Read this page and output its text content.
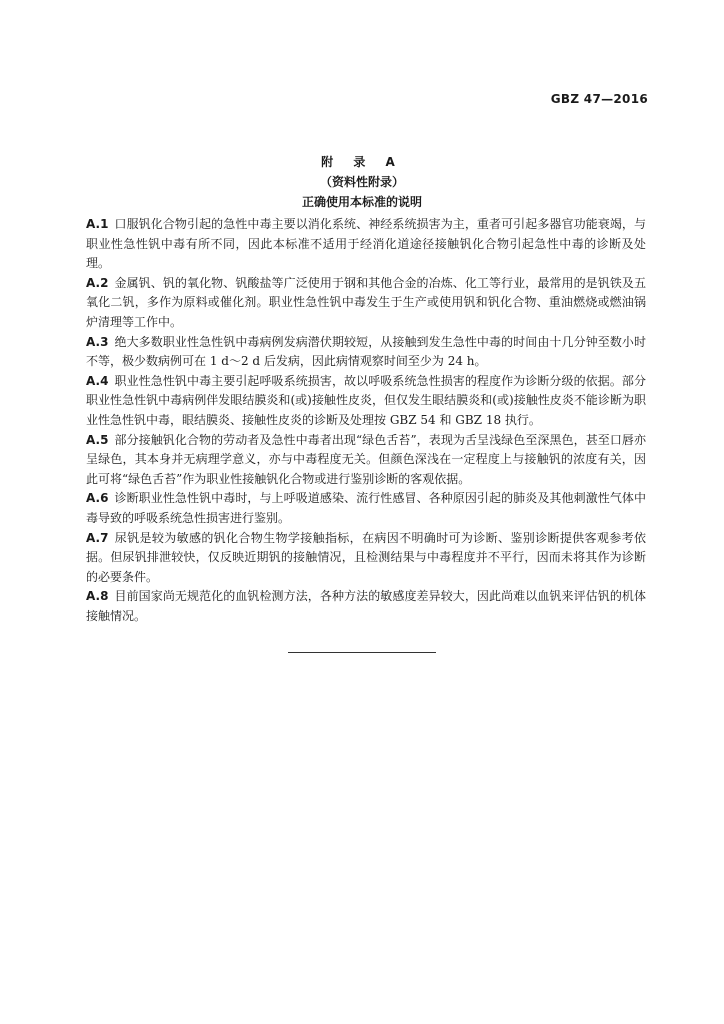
GBZ 47—2016
附 录 A
（资料性附录）
正确使用本标准的说明

A.1 口服钒化合物引起的急性中毒主要以消化系统、神经系统损害为主，重者可引起多器官功能衰竭，与职业性急性钒中毒有所不同，因此本标准不适用于经消化道途径接触钒化合物引起急性中毒的诊断及处理。

A.2 金属钒、钒的氧化物、钒酸盐等广泛使用于钢和其他合金的冶炼、化工等行业，最常用的是钒铁及五氧化二钒，多作为原料或催化剂。职业性急性钒中毒发生于生产或使用钒和钒化合物、重油燃烧或燃油锅炉清理等工作中。

A.3 绝大多数职业性急性钒中毒病例发病潜伏期较短，从接触到发生急性中毒的时间由十几分钟至数小时不等，极少数病例可在 1 d～2 d 后发病，因此病情观察时间至少为 24 h。

A.4 职业性急性钒中毒主要引起呼吸系统损害，故以呼吸系统急性损害的程度作为诊断分级的依据。部分职业性急性钒中毒病例伴发眼结膜炎和(或)接触性皮炎，但仅发生眼结膜炎和(或)接触性皮炎不能诊断为职业性急性钒中毒，眼结膜炎、接触性皮炎的诊断及处理按 GBZ 54 和 GBZ 18 执行。

A.5 部分接触钒化合物的劳动者及急性中毒者出现“绿色舌苔”，表现为舌呈浅绿色至深黑色，甚至口唇亦呈绿色，其本身并无病理学意义，亦与中毒程度无关。但颜色深浅在一定程度上与接触钒的浓度有关，因此可将“绿色舌苔”作为职业性接触钒化合物或进行鉴别诊断的客观依据。

A.6 诊断职业性急性钒中毒时，与上呼吸道感染、流行性感冒、各种原因引起的肺炎及其他刺激性气体中毒导致的呼吸系统急性损害进行鉴别。

A.7 尿钒是较为敏感的钒化合物生物学接触指标，在病因不明确时可为诊断、鉴别诊断提供客观参考依据。但尿钒排泄较快，仅反映近期钒的接触情况，且检测结果与中毒程度并不平行，因而未将其作为诊断的必要条件。

A.8 目前国家尚无规范化的血钒检测方法，各种方法的敏感度差异较大，因此尚难以血钒来评估钒的机体接触情况。
